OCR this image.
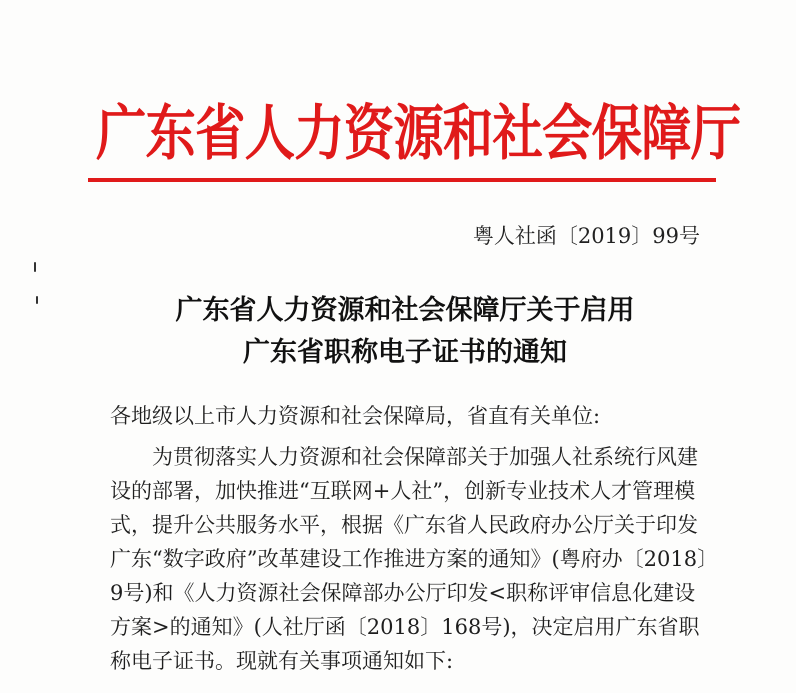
广东省人力资源和社会保障厅
粤人社函〔2019〕99号
广东省人力资源和社会保障厅关于启用
广东省职称电子证书的通知
各地级以上市人力资源和社会保障局，省直有关单位:
为贯彻落实人力资源和社会保障部关于加强人社系统行风建
设的部署，加快推进“互联网+人社”，创新专业技术人才管理模
式，提升公共服务水平，根据《广东省人民政府办公厅关于印发
广东“数字政府”改革建设工作推进方案的通知》(粤府办〔2018〕
9号)和《人力资源社会保障部办公厅印发<职称评审信息化建设
方案>的通知》(人社厅函〔2018〕168号)，决定启用广东省职
称电子证书。现就有关事项通知如下:
